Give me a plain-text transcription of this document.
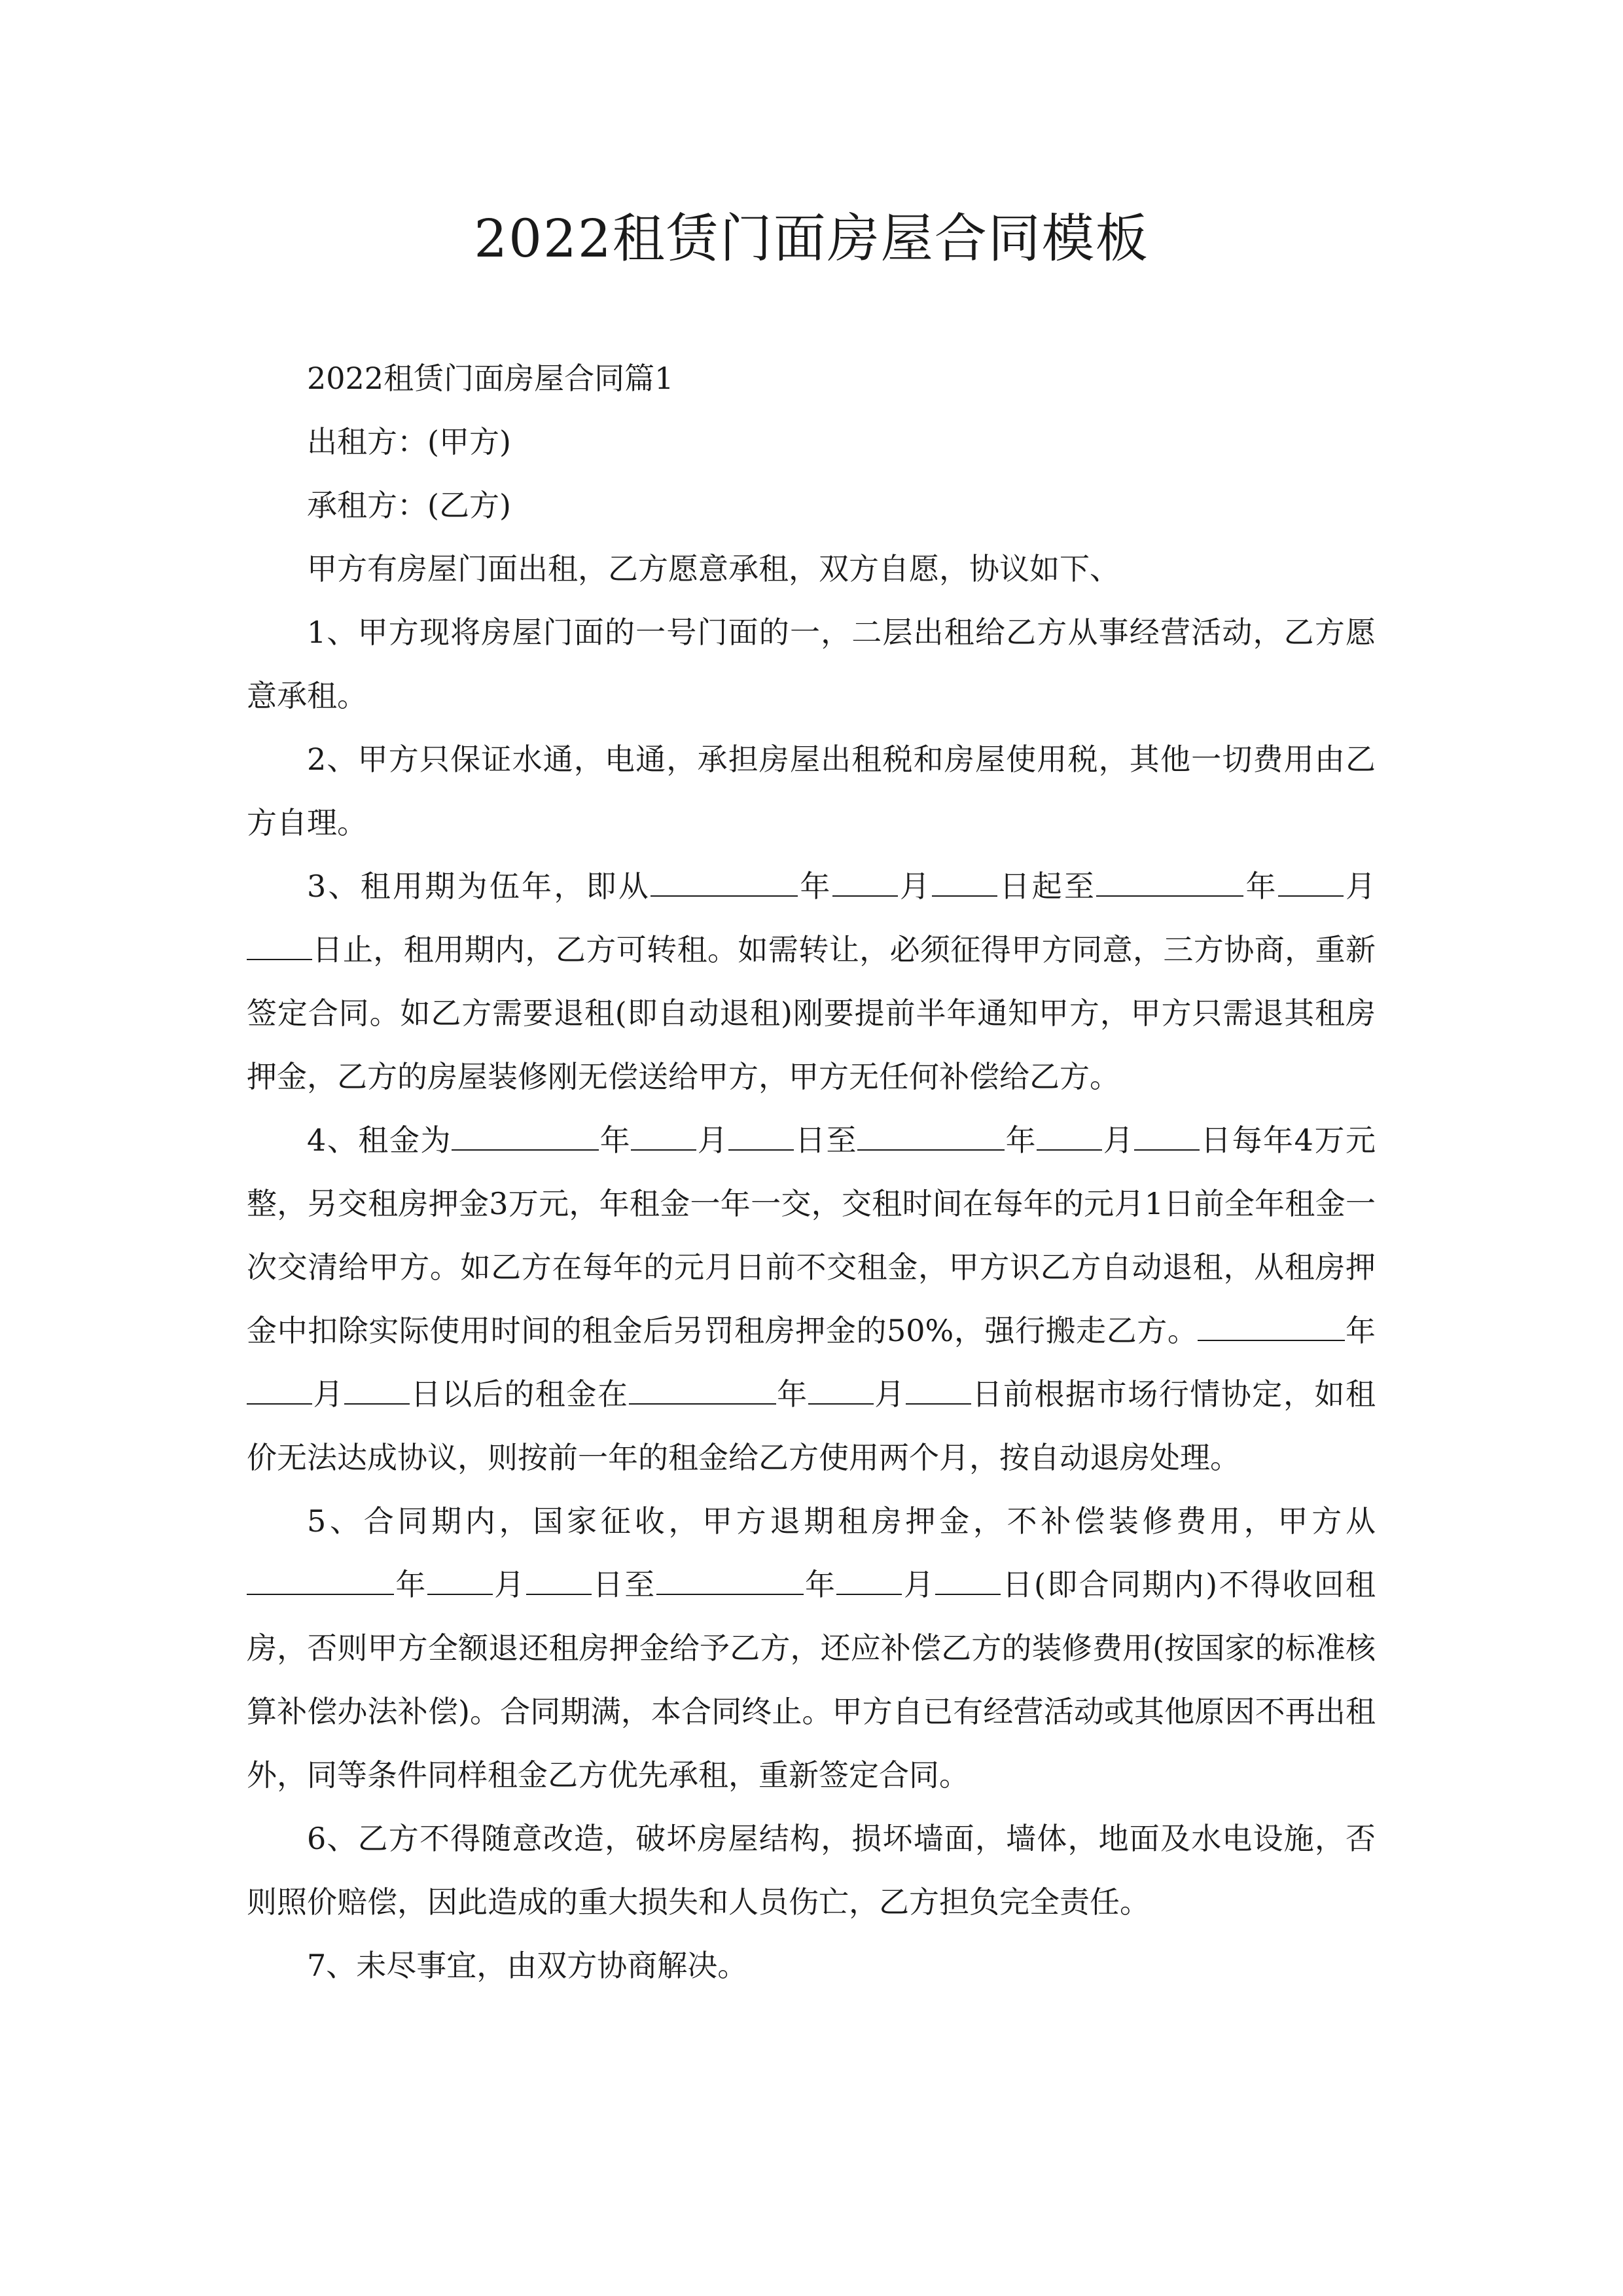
2022租赁门面房屋合同模板

2022租赁门面房屋合同篇1

出租方：(甲方)

承租方：(乙方)

甲方有房屋门面出租，乙方愿意承租，双方自愿，协议如下、

1、甲方现将房屋门面的一号门面的一，二层出租给乙方从事经营活动，乙方愿意承租。

2、甲方只保证水通，电通，承担房屋出租税和房屋使用税，其他一切费用由乙方自理。

3、租用期为伍年，即从	年 月 日起至	年 月日止，租用期内，乙方可转租。如需转让，必须征得甲方同意，三方协商，重新签定合同。如乙方需要退租(即自动退租)刚要提前半年通知甲方，甲方只需退其租房押金，乙方的房屋装修刚无偿送给甲方，甲方无任何补偿给乙方。

4、租金为	年 月 日至	年 月 日每年4万元整，另交租房押金3万元，年租金一年一交，交租时间在每年的元月1日前全年租金一次交清给甲方。如乙方在每年的元月日前不交租金，甲方识乙方自动退租，从租房押金中扣除实际使用时间的租金后另罚租房押金的50%，强行搬走乙方。	年月 日以后的租金在	年 月 日前根据市场行情协定，如租价无法达成协议，则按前一年的租金给乙方使用两个月，按自动退房处理。

5、合同期内，国家征收，甲方退期租房押金，不补偿装修费用，甲方从年 月 日至	年 月 日(即合同期内)不得收回租房，否则甲方全额退还租房押金给予乙方，还应补偿乙方的装修费用(按国家的标准核算补偿办法补偿)。合同期满，本合同终止。甲方自已有经营活动或其他原因不再出租外，同等条件同样租金乙方优先承租，重新签定合同。

6、乙方不得随意改造，破坏房屋结构，损坏墙面，墙体，地面及水电设施，否则照价赔偿，因此造成的重大损失和人员伤亡，乙方担负完全责任。

7、未尽事宜，由双方协商解决。
